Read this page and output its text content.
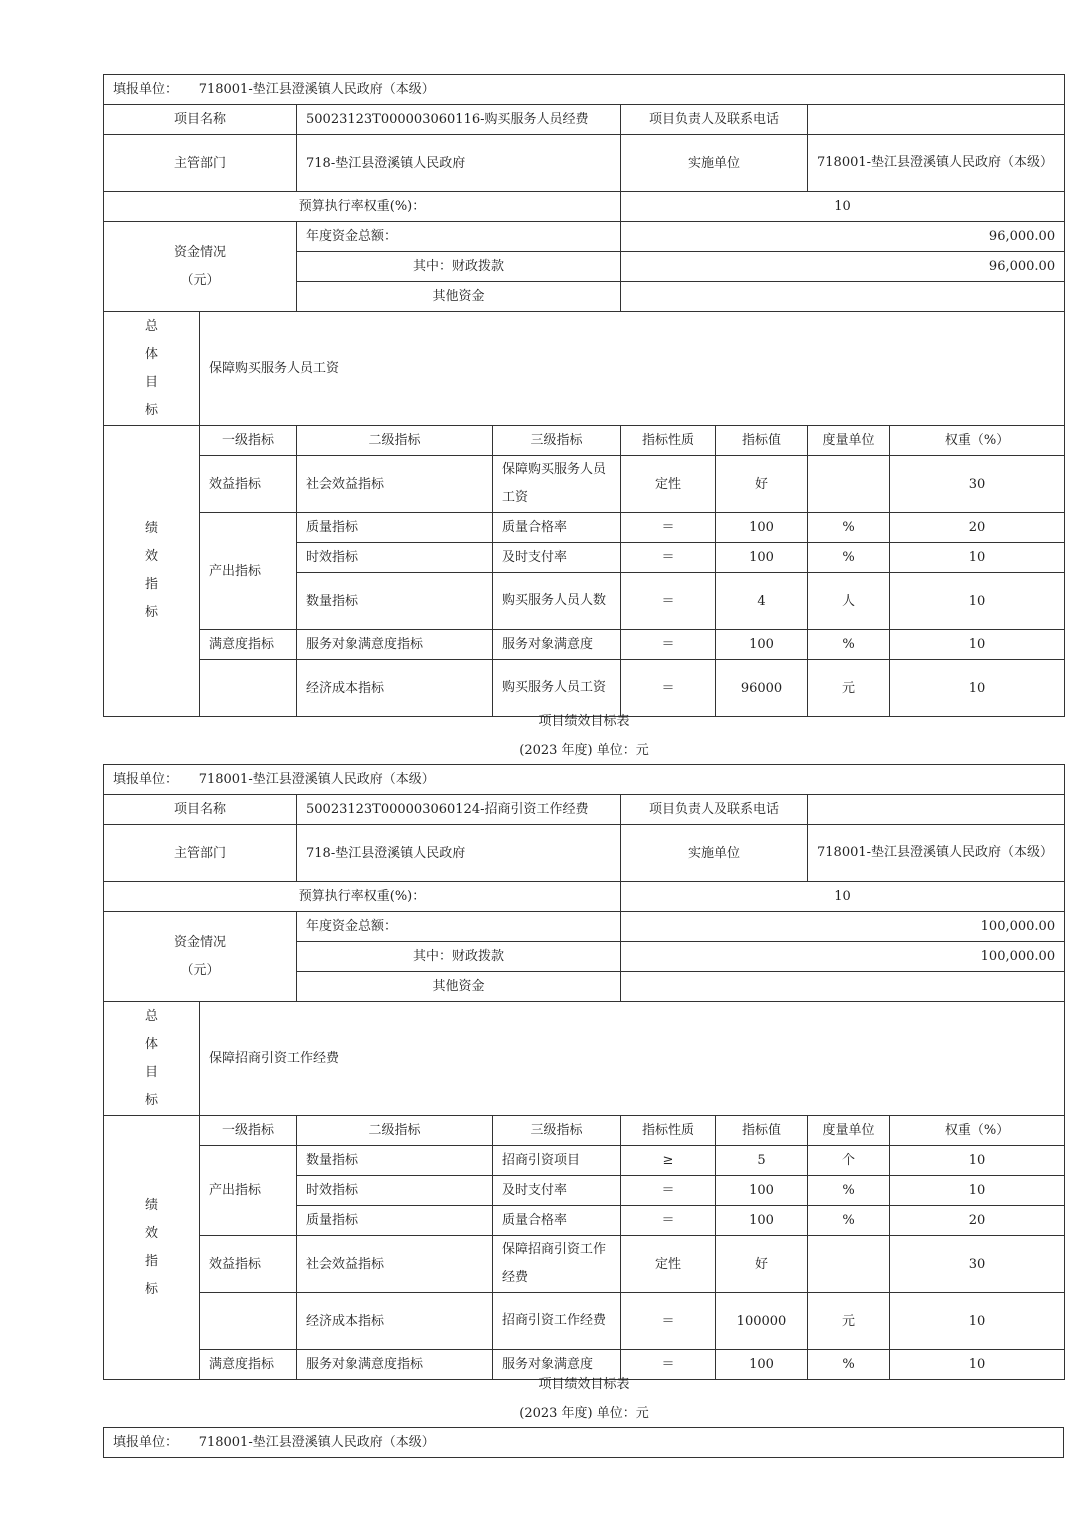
填报单位： 718001-垫江县澄溪镇人民政府（本级）							
项目名称		50023123T000003060116-购买服务人员经费		项目负责人及联系电话			
主管部门		718-垫江县澄溪镇人民政府		实施单位		718001-垫江县澄溪镇人民政府（本级）	
预算执行率权重(%)：				10			
资金情况
（元）		年度资金总额：		96,000.00			
		其中：财政拨款		96,000.00			
		其他资金					
总
体
目
标	保障购买服务人员工资						
绩
效
指
标	一级指标	二级指标	三级指标	指标性质	指标值	度量单位	权重（%）
	效益指标	社会效益指标	保障购买服务人员工资	定性	好		30
	产出指标	质量指标	质量合格率	＝	100	%	20
		时效指标	及时支付率	＝	100	%	10
		数量指标	购买服务人员人数	＝	4	人	10
	满意度指标	服务对象满意度指标	服务对象满意度	＝	100	%	10
		经济成本指标	购买服务人员工资	＝	96000	元	10
项目绩效目标表
(2023 年度) 单位：元
填报单位： 718001-垫江县澄溪镇人民政府（本级）							
项目名称		50023123T000003060124-招商引资工作经费		项目负责人及联系电话			
主管部门		718-垫江县澄溪镇人民政府		实施单位		718001-垫江县澄溪镇人民政府（本级）	
预算执行率权重(%)：				10			
资金情况
（元）		年度资金总额：		100,000.00			
		其中：财政拨款		100,000.00			
		其他资金					
总
体
目
标	保障招商引资工作经费						
绩
效
指
标	一级指标	二级指标	三级指标	指标性质	指标值	度量单位	权重（%）
	产出指标	数量指标	招商引资项目	≥	5	个	10
		时效指标	及时支付率	＝	100	%	10
		质量指标	质量合格率	＝	100	%	20
	效益指标	社会效益指标	保障招商引资工作经费	定性	好		30
		经济成本指标	招商引资工作经费	＝	100000	元	10
	满意度指标	服务对象满意度指标	服务对象满意度	＝	100	%	10
项目绩效目标表
(2023 年度) 单位：元
填报单位： 718001-垫江县澄溪镇人民政府（本级）
